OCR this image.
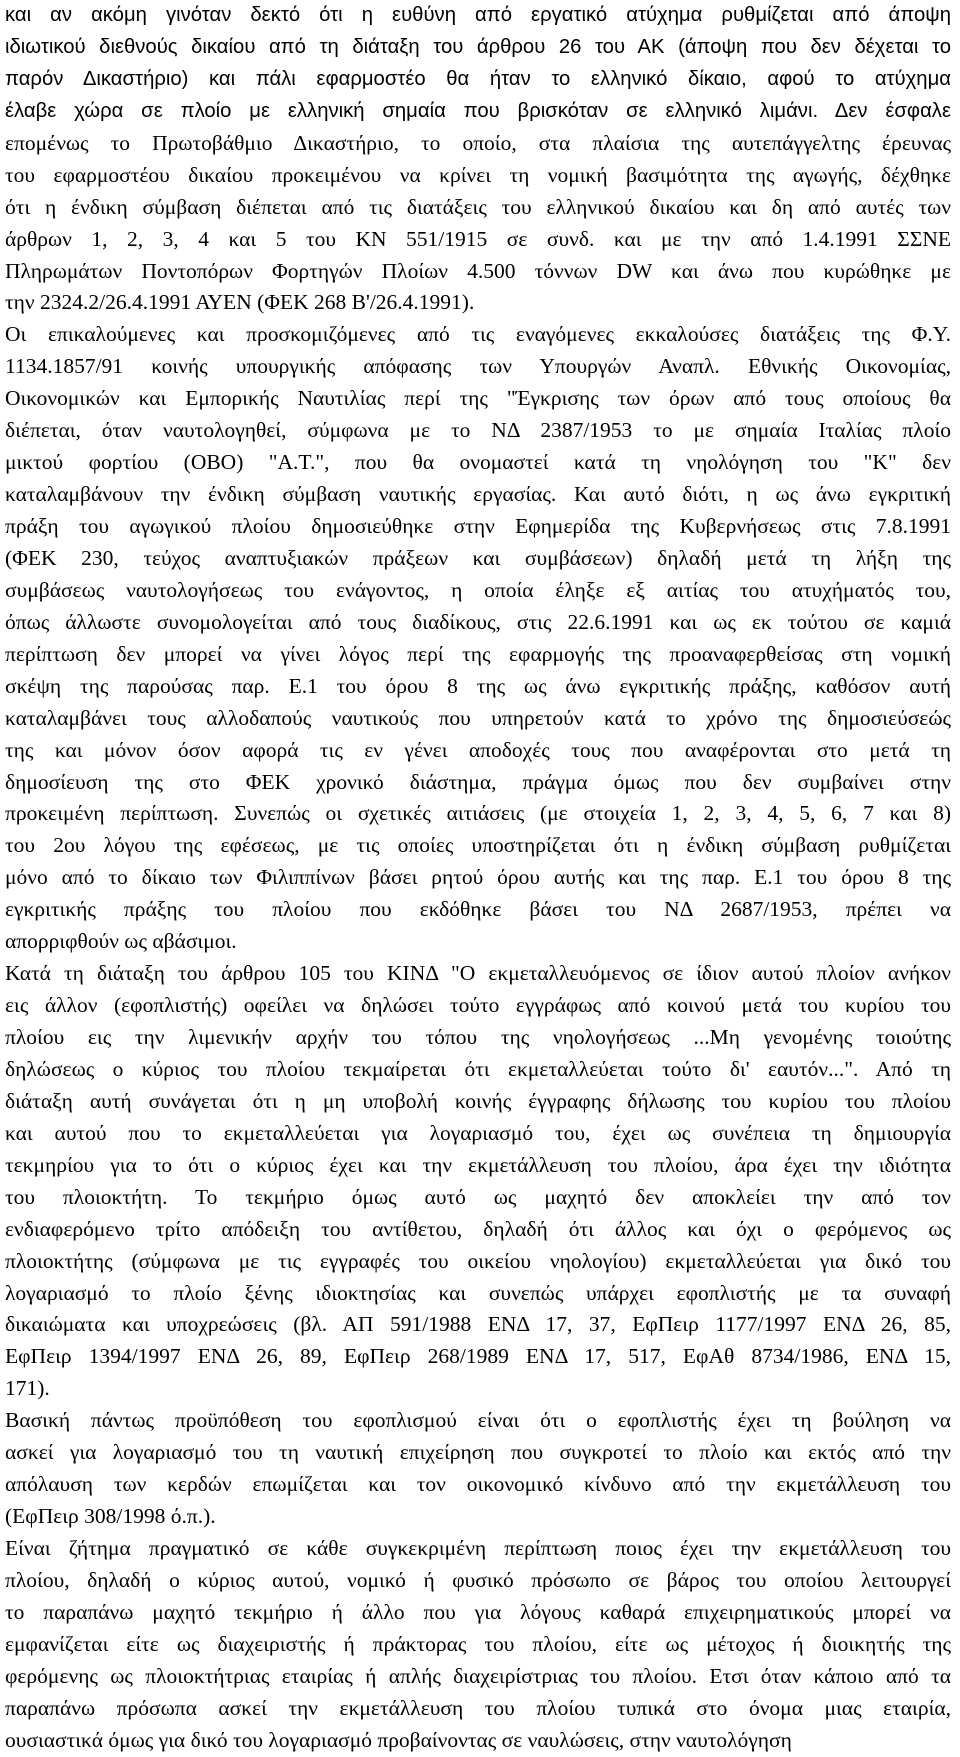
και αν ακόμη γινόταν δεκτό ότι η ευθύνη από εργατικό ατύχημα ρυθμίζεται από άποψη
ιδιωτικού διεθνούς δικαίου από τη διάταξη του άρθρου 26 του ΑΚ (άποψη που δεν δέχεται το
παρόν Δικαστήριο) και πάλι εφαρμοστέο θα ήταν το ελληνικό δίκαιο, αφού το ατύχημα
έλαβε χώρα σε πλοίο με ελληνική σημαία που βρισκόταν σε ελληνικό λιμάνι. Δεν έσφαλε
επομένως το Πρωτοβάθμιο Δικαστήριο, το οποίο, στα πλαίσια της αυτεπάγγελτης έρευνας
του εφαρμοστέου δικαίου προκειμένου να κρίνει τη νομική βασιμότητα της αγωγής, δέχθηκε
ότι η ένδικη σύμβαση διέπεται από τις διατάξεις του ελληνικού δικαίου και δη από αυτές των
άρθρων 1, 2, 3, 4 και 5 του ΚΝ 551/1915 σε συνδ. και με την από 1.4.1991 ΣΣΝΕ
Πληρωμάτων Ποντοπόρων Φορτηγών Πλοίων 4.500 τόννων DW και άνω που κυρώθηκε με
την 2324.2/26.4.1991 ΑΥΕΝ (ΦΕΚ 268 Β'/26.4.1991).
Οι επικαλούμενες και προσκομιζόμενες από τις εναγόμενες εκκαλούσες διατάξεις της Φ.Υ.
1134.1857/91 κοινής υπουργικής απόφασης των Υπουργών Αναπλ. Εθνικής Οικονομίας,
Οικονομικών και Εμπορικής Ναυτιλίας περί της "Έγκρισης των όρων από τους οποίους θα
διέπεται, όταν ναυτολογηθεί, σύμφωνα με το ΝΔ 2387/1953 το με σημαία Ιταλίας πλοίο
μικτού φορτίου (ΟΒΟ) "Α.Τ.", που θα ονομαστεί κατά τη νηολόγηση του "Κ" δεν
καταλαμβάνουν την ένδικη σύμβαση ναυτικής εργασίας. Και αυτό διότι, η ως άνω εγκριτική
πράξη του αγωγικού πλοίου δημοσιεύθηκε στην Εφημερίδα της Κυβερνήσεως στις 7.8.1991
(ΦΕΚ 230, τεύχος αναπτυξιακών πράξεων και συμβάσεων) δηλαδή μετά τη λήξη της
συμβάσεως ναυτολογήσεως του ενάγοντος, η οποία έληξε εξ αιτίας του ατυχήματός του,
όπως άλλωστε συνομολογείται από τους διαδίκους, στις 22.6.1991 και ως εκ τούτου σε καμιά
περίπτωση δεν μπορεί να γίνει λόγος περί της εφαρμογής της προαναφερθείσας στη νομική
σκέψη της παρούσας παρ. Ε.1 του όρου 8 της ως άνω εγκριτικής πράξης, καθόσον αυτή
καταλαμβάνει τους αλλοδαπούς ναυτικούς που υπηρετούν κατά το χρόνο της δημοσιεύσεώς
της και μόνον όσον αφορά τις εν γένει αποδοχές τους που αναφέρονται στο μετά τη
δημοσίευση της στο ΦΕΚ χρονικό διάστημα, πράγμα όμως που δεν συμβαίνει στην
προκειμένη περίπτωση. Συνεπώς οι σχετικές αιτιάσεις (με στοιχεία 1, 2, 3, 4, 5, 6, 7 και 8)
του 2ου λόγου της εφέσεως, με τις οποίες υποστηρίζεται ότι η ένδικη σύμβαση ρυθμίζεται
μόνο από το δίκαιο των Φιλιππίνων βάσει ρητού όρου αυτής και της παρ. Ε.1 του όρου 8 της
εγκριτικής πράξης του πλοίου που εκδόθηκε βάσει του ΝΔ 2687/1953, πρέπει να
απορριφθούν ως αβάσιμοι.
Κατά τη διάταξη του άρθρου 105 του ΚΙΝΔ "Ο εκμεταλλευόμενος σε ίδιον αυτού πλοίον ανήκον
εις άλλον (εφοπλιστής) οφείλει να δηλώσει τούτο εγγράφως από κοινού μετά του κυρίου του
πλοίου εις την λιμενικήν αρχήν του τόπου της νηολογήσεως ...Μη γενομένης τοιούτης
δηλώσεως ο κύριος του πλοίου τεκμαίρεται ότι εκμεταλλεύεται τούτο δι' εαυτόν...". Από τη
διάταξη αυτή συνάγεται ότι η μη υποβολή κοινής έγγραφης δήλωσης του κυρίου του πλοίου
και αυτού που το εκμεταλλεύεται για λογαριασμό του, έχει ως συνέπεια τη δημιουργία
τεκμηρίου για το ότι ο κύριος έχει και την εκμετάλλευση του πλοίου, άρα έχει την ιδιότητα
του πλοιοκτήτη. Το τεκμήριο όμως αυτό ως μαχητό δεν αποκλείει την από τον
ενδιαφερόμενο τρίτο απόδειξη του αντίθετου, δηλαδή ότι άλλος και όχι ο φερόμενος ως
πλοιοκτήτης (σύμφωνα με τις εγγραφές του οικείου νηολογίου) εκμεταλλεύεται για δικό του
λογαριασμό το πλοίο ξένης ιδιοκτησίας και συνεπώς υπάρχει εφοπλιστής με τα συναφή
δικαιώματα και υποχρεώσεις (βλ. ΑΠ 591/1988 ΕΝΔ 17, 37, ΕφΠειρ 1177/1997 ΕΝΔ 26, 85,
ΕφΠειρ 1394/1997 ΕΝΔ 26, 89, ΕφΠειρ 268/1989 ΕΝΔ 17, 517, ΕφΑθ 8734/1986, ΕΝΔ 15,
171).
Βασική πάντως προϋπόθεση του εφοπλισμού είναι ότι ο εφοπλιστής έχει τη βούληση να
ασκεί για λογαριασμό του τη ναυτική επιχείρηση που συγκροτεί το πλοίο και εκτός από την
απόλαυση των κερδών επωμίζεται και τον οικονομικό κίνδυνο από την εκμετάλλευση του
(ΕφΠειρ 308/1998 ό.π.).
Είναι ζήτημα πραγματικό σε κάθε συγκεκριμένη περίπτωση ποιος έχει την εκμετάλλευση του
πλοίου, δηλαδή ο κύριος αυτού, νομικό ή φυσικό πρόσωπο σε βάρος του οποίου λειτουργεί
το παραπάνω μαχητό τεκμήριο ή άλλο που για λόγους καθαρά επιχειρηματικούς μπορεί να
εμφανίζεται είτε ως διαχειριστής ή πράκτορας του πλοίου, είτε ως μέτοχος ή διοικητής της
φερόμενης ως πλοιοκτήτριας εταιρίας ή απλής διαχειρίστριας του πλοίου. Ετσι όταν κάποιο από τα
παραπάνω πρόσωπα ασκεί την εκμετάλλευση του πλοίου τυπικά στο όνομα μιας εταιρία,
ουσιαστικά όμως για δικό του λογαριασμό προβαίνοντας σε ναυλώσεις, στην ναυτολόγηση
